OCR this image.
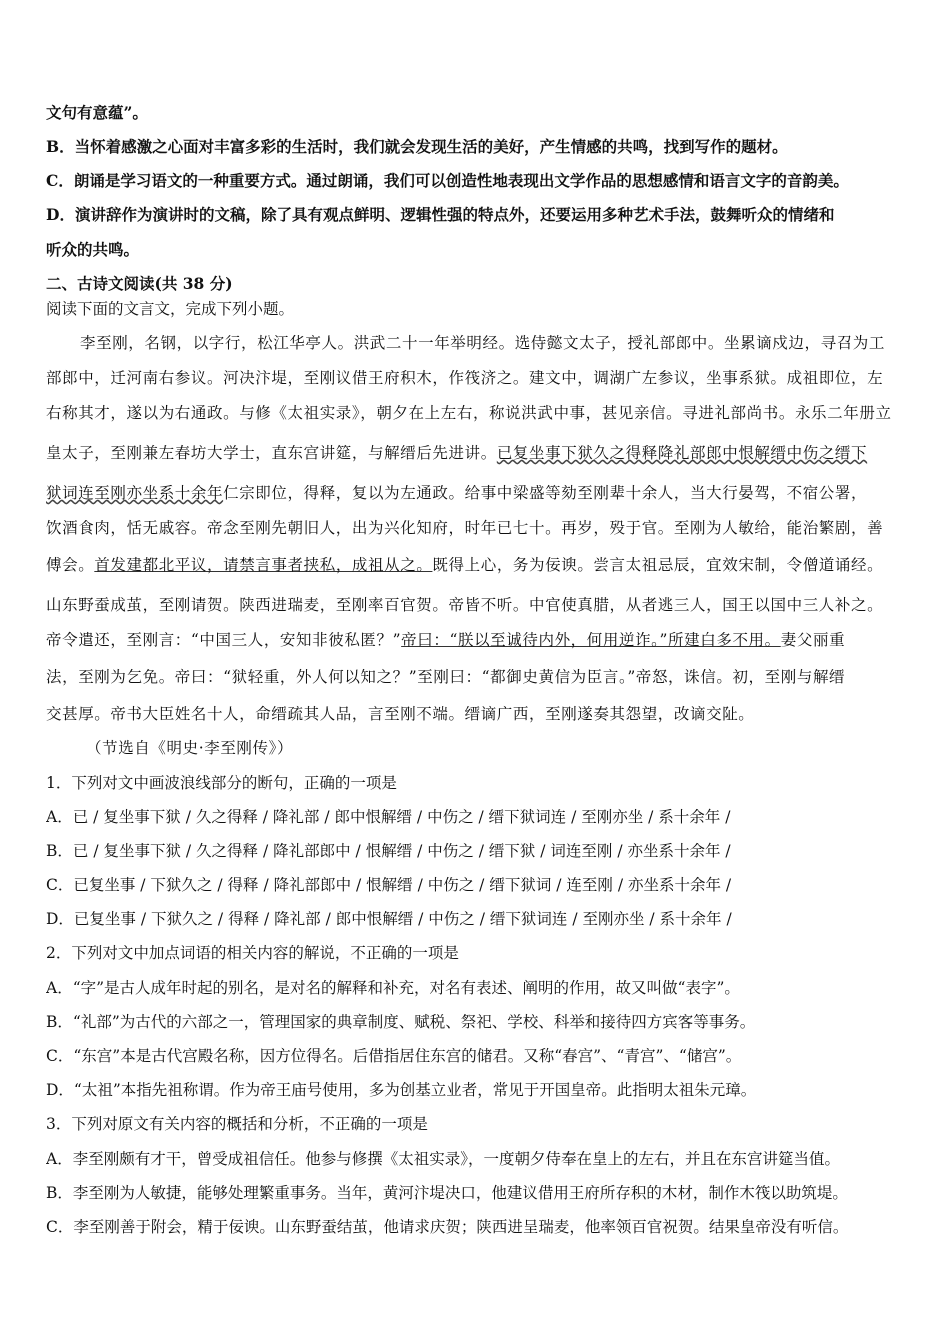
文句有意蕴”。
B．当怀着感激之心面对丰富多彩的生活时，我们就会发现生活的美好，产生情感的共鸣，找到写作的题材。
C．朗诵是学习语文的一种重要方式。通过朗诵，我们可以创造性地表现出文学作品的思想感情和语言文字的音韵美。
D．演讲辞作为演讲时的文稿，除了具有观点鲜明、逻辑性强的特点外，还要运用多种艺术手法，鼓舞听众的情绪和
听众的共鸣。
二、古诗文阅读(共 38 分)
阅读下面的文言文，完成下列小题。
李至刚，名钢，以字行，松江华亭人。洪武二十一年举明经。选侍懿文太子，授礼部郎中。坐累谪戍边，寻召为工
部郎中，迁河南右参议。河决汴堤，至刚议借王府积木，作筏济之。建文中，调湖广左参议，坐事系狱。成祖即位，左
右称其才，遂以为右通政。与修《太祖实录》，朝夕在上左右，称说洪武中事，甚见亲信。寻进礼部尚书。永乐二年册立
皇太子，至刚兼左春坊大学士，直东宫讲筵，与解缙后先进讲。已复坐事下狱久之得释降礼部郎中恨解缙中伤之缙下
狱词连至刚亦坐系十余年仁宗即位，得释，复以为左通政。给事中梁盛等劾至刚辈十余人，当大行晏驾，不宿公署，
饮酒食肉，恬无戚容。帝念至刚先朝旧人，出为兴化知府，时年已七十。再岁，殁于官。至刚为人敏给，能治繁剧，善
傅会。首发建都北平议，请禁言事者挟私，成祖从之。既得上心，务为佞谀。尝言太祖忌辰，宜效宋制，令僧道诵经。
山东野蚕成茧，至刚请贺。陕西进瑞麦，至刚率百官贺。帝皆不听。中官使真腊，从者逃三人，国王以国中三人补之。
帝令遣还，至刚言：“中国三人，安知非彼私匿？”帝曰：“朕以至诚待内外，何用逆诈。”所建白多不用。妻父丽重
法，至刚为乞免。帝曰：“狱轻重，外人何以知之？”至刚曰：“都御史黄信为臣言。”帝怒，诛信。初，至刚与解缙
交甚厚。帝书大臣姓名十人，命缙疏其人品，言至刚不端。缙谪广西，至刚遂奏其怨望，改谪交阯。
（节选自《明史·李至刚传》）
1．下列对文中画波浪线部分的断句，正确的一项是
A．已 / 复坐事下狱 / 久之得释 / 降礼部 / 郎中恨解缙 / 中伤之 / 缙下狱词连 / 至刚亦坐 / 系十余年 /
B．已 / 复坐事下狱 / 久之得释 / 降礼部郎中 / 恨解缙 / 中伤之 / 缙下狱 / 词连至刚 / 亦坐系十余年 /
C．已复坐事 / 下狱久之 / 得释 / 降礼部郎中 / 恨解缙 / 中伤之 / 缙下狱词 / 连至刚 / 亦坐系十余年 /
D．已复坐事 / 下狱久之 / 得释 / 降礼部 / 郎中恨解缙 / 中伤之 / 缙下狱词连 / 至刚亦坐 / 系十余年 /
2．下列对文中加点词语的相关内容的解说，不正确的一项是
A．“字”是古人成年时起的别名，是对名的解释和补充，对名有表述、阐明的作用，故又叫做“表字”。
B．“礼部”为古代的六部之一，管理国家的典章制度、赋税、祭祀、学校、科举和接待四方宾客等事务。
C．“东宫”本是古代宫殿名称，因方位得名。后借指居住东宫的储君。又称“春宫”、“青宫”、“储宫”。
D．“太祖”本指先祖称谓。作为帝王庙号使用，多为创基立业者，常见于开国皇帝。此指明太祖朱元璋。
3．下列对原文有关内容的概括和分析，不正确的一项是
A．李至刚颇有才干，曾受成祖信任。他参与修撰《太祖实录》，一度朝夕侍奉在皇上的左右，并且在东宫讲筵当值。
B．李至刚为人敏捷，能够处理繁重事务。当年，黄河汴堤决口，他建议借用王府所存积的木材，制作木筏以助筑堤。
C．李至刚善于附会，精于佞谀。山东野蚕结茧，他请求庆贺；陕西进呈瑞麦，他率领百官祝贺。结果皇帝没有听信。
